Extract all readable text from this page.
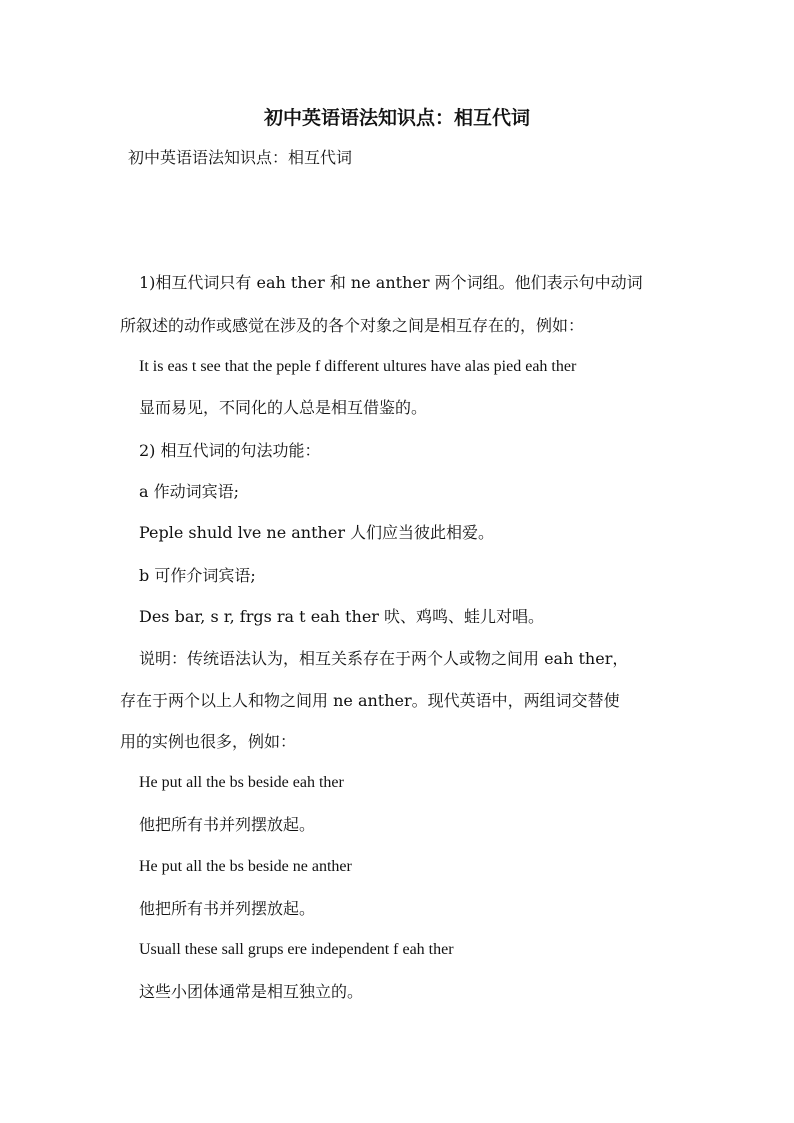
初中英语语法知识点：相互代词
初中英语语法知识点：相互代词
1)相互代词只有 eah ther 和 ne anther 两个词组。他们表示句中动词
所叙述的动作或感觉在涉及的各个对象之间是相互存在的，例如：
It is eas t see that the peple f different ultures have alas pied eah ther
显而易见，不同化的人总是相互借鉴的。
2) 相互代词的句法功能：
a 作动词宾语;
Peple shuld lve ne anther 人们应当彼此相爱。
b 可作介词宾语;
Des bar, s r, frgs ra t eah ther 吠、鸡鸣、蛙儿对唱。
说明：传统语法认为，相互关系存在于两个人或物之间用 eah ther，
存在于两个以上人和物之间用 ne anther。现代英语中，两组词交替使
用的实例也很多，例如：
He put all the bs beside eah ther
他把所有书并列摆放起。
He put all the bs beside ne anther
他把所有书并列摆放起。
Usuall these sall grups ere independent f eah ther
这些小团体通常是相互独立的。
